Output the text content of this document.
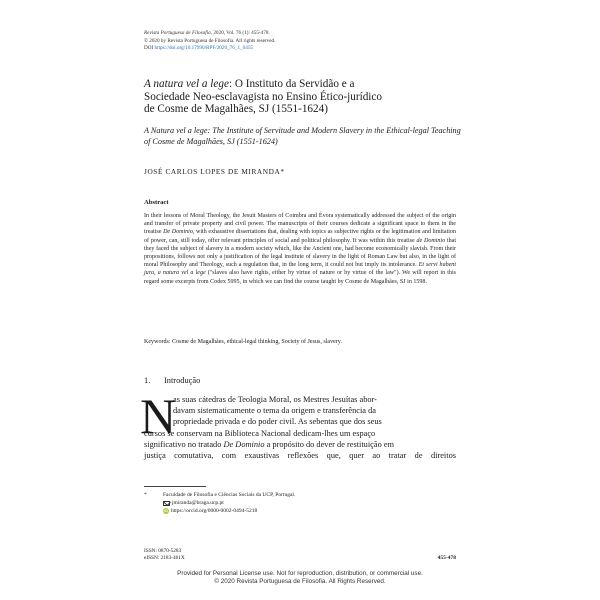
Revista Portuguesa de Filosofia, 2020, Vol. 76 (1): 455-478.
© 2020 by Revista Portuguesa de Filosofia. All rights reserved.
DOI https://doi.org/10.17990/RPF/2020_76_1_0455
A natura vel a lege: O Instituto da Servidão e a
Sociedade Neo-esclavagista no Ensino Ético-jurídico
de Cosme de Magalhães, SJ (1551-1624)
A Natura vel a lege: The Institute of Servitude and Modern Slavery in the Ethical-legal Teaching of Cosme de Magalhães, SJ (1551-1624)
JOSÉ CARLOS LOPES DE MIRANDA*
Abstract
In their lessons of Moral Theology, the Jesuit Masters of Coimbra and Évora systematically addressed the subject of the origin and transfer of private property and civil power. The manuscripts of their courses dedicate a significant space to them in the treatise De Dominio, with exhaustive dissertations that, dealing with topics as subjective rights or the legitimation and limitation of power, can, still today, offer relevant principles of social and political philosophy. It was within this treatise de Dominio that they faced the subject of slavery in a modern society which, like the Ancient one, had become economically slavish. From their propositions, follows not only a justification of the legal institute of slavery in the light of Roman Law but also, in the light of moral Philosophy and Theology, such a regulation that, in the long term, it could not but imply its intolerance. Et servi habent jura, a natura vel a lege ("slaves also have rights, either by virtue of nature or by virtue of the law"). We will report in this regard some excerpts from Codex 5995, in which we can find the course taught by Cosme de Magalhães, SJ in 1598.
Keywords: Cosme de Magalhães, ethical-legal thinking, Society of Jesus, slavery.
1. Introdução
N
as suas cátedras de Teologia Moral, os Mestres Jesuítas abor-
davam sistematicamente o tema da origem e transferência da
propriedade privada e do poder civil. As sebentas que dos seus
cursos se conservam na Biblioteca Nacional dedicam-lhes um espaço
significativo no tratado De Dominio a propósito do dever de restituição em
justiça comutativa, com exaustivas reflexões que, quer ao tratar de direitos
*	Faculdade de Filosofia e Ciências Sociais da UCP, Portugal.
jmiranda@braga.ucp.pt
iD https://orcid.org/0000-0002-0494-5218
ISSN: 0870-5283
eISSN: 2183-461X	455-478
Provided for Personal License use. Not for reproduction, distribution, or commercial use.
© 2020 Revista Portuguesa de Filosofia. All Rights Reserved.
